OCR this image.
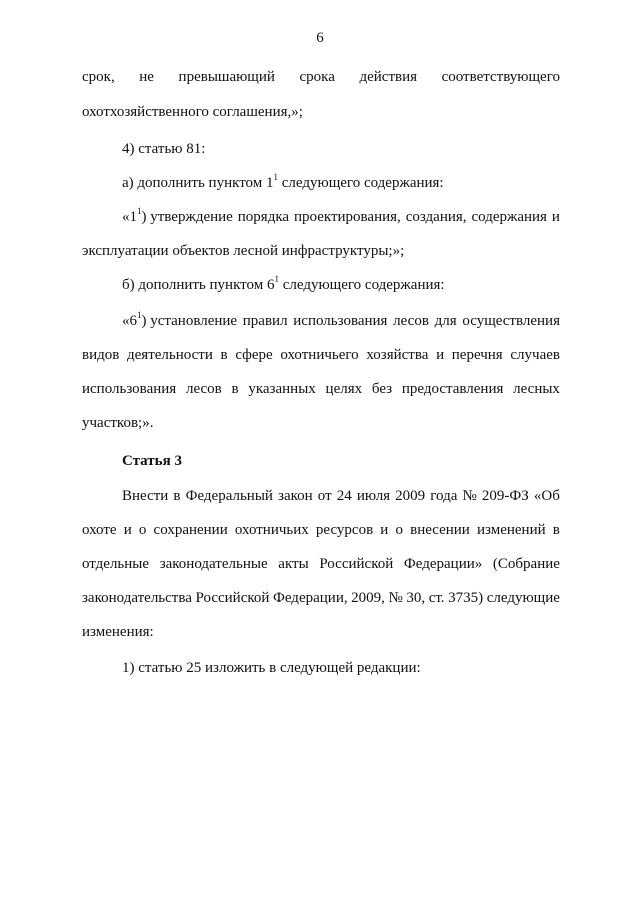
6
срок, не превышающий срока действия соответствующего
охотхозяйственного соглашения,»;
4) статью 81:
а) дополнить пунктом $1^1$ следующего содержания:
«$1^1$) утверждение порядка проектирования, создания, содержания и
эксплуатации объектов лесной инфраструктуры;»;
б) дополнить пунктом $6^1$ следующего содержания:
«$6^1$) установление правил использования лесов для осуществления
видов деятельности в сфере охотничьего хозяйства и перечня случаев
использования лесов в указанных целях без предоставления лесных
участков;».
Статья 3
Внести в Федеральный закон от 24 июля 2009 года № 209-ФЗ «Об
охоте и о сохранении охотничьих ресурсов и о внесении изменений в
отдельные законодательные акты Российской Федерации» (Собрание
законодательства Российской Федерации, 2009, № 30, ст. 3735) следующие
изменения:
1) статью 25 изложить в следующей редакции:
